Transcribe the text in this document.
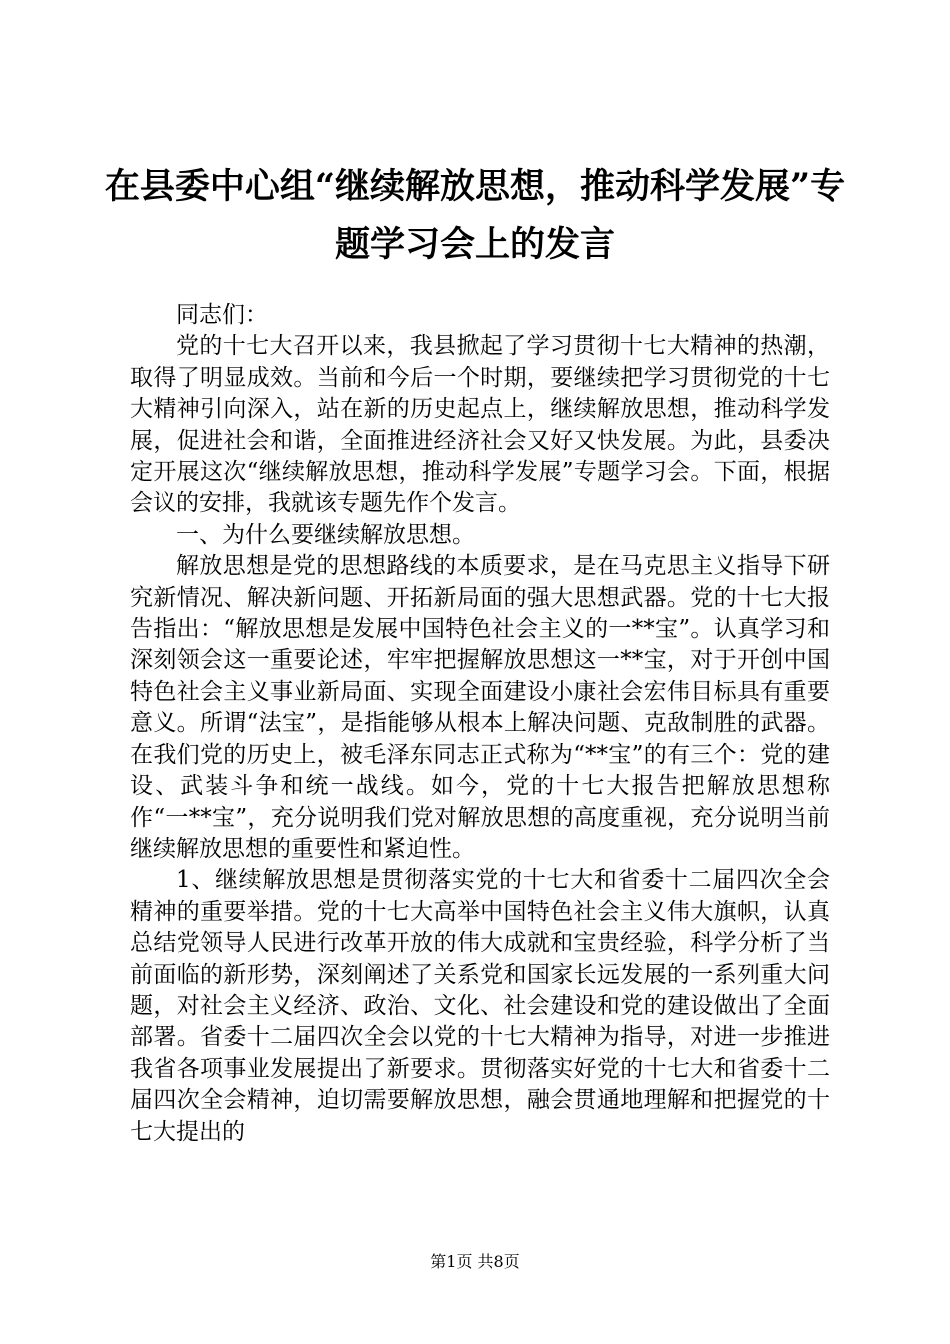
在县委中心组“继续解放思想，推动科学发展”专题学习会上的发言

同志们：

党的十七大召开以来，我县掀起了学习贯彻十七大精神的热潮，取得了明显成效。当前和今后一个时期，要继续把学习贯彻党的十七大精神引向深入，站在新的历史起点上，继续解放思想，推动科学发展，促进社会和谐，全面推进经济社会又好又快发展。为此，县委决定开展这次“继续解放思想，推动科学发展”专题学习会。下面，根据会议的安排，我就该专题先作个发言。

一、为什么要继续解放思想。

解放思想是党的思想路线的本质要求，是在马克思主义指导下研究新情况、解决新问题、开拓新局面的强大思想武器。党的十七大报告指出：“解放思想是发展中国特色社会主义的一**宝”。认真学习和深刻领会这一重要论述，牢牢把握解放思想这一**宝，对于开创中国特色社会主义事业新局面、实现全面建设小康社会宏伟目标具有重要意义。所谓“法宝”，是指能够从根本上解决问题、克敌制胜的武器。在我们党的历史上，被毛泽东同志正式称为“**宝”的有三个：党的建设、武装斗争和统一战线。如今，党的十七大报告把解放思想称作“一**宝”，充分说明我们党对解放思想的高度重视，充分说明当前继续解放思想的重要性和紧迫性。

1、继续解放思想是贯彻落实党的十七大和省委十二届四次全会精神的重要举措。党的十七大高举中国特色社会主义伟大旗帜，认真总结党领导人民进行改革开放的伟大成就和宝贵经验，科学分析了当前面临的新形势，深刻阐述了关系党和国家长远发展的一系列重大问题，对社会主义经济、政治、文化、社会建设和党的建设做出了全面部署。省委十二届四次全会以党的十七大精神为指导，对进一步推进我省各项事业发展提出了新要求。贯彻落实好党的十七大和省委十二届四次全会精神，迫切需要解放思想，融会贯通地理解和把握党的十七大提出的

第1页 共8页
